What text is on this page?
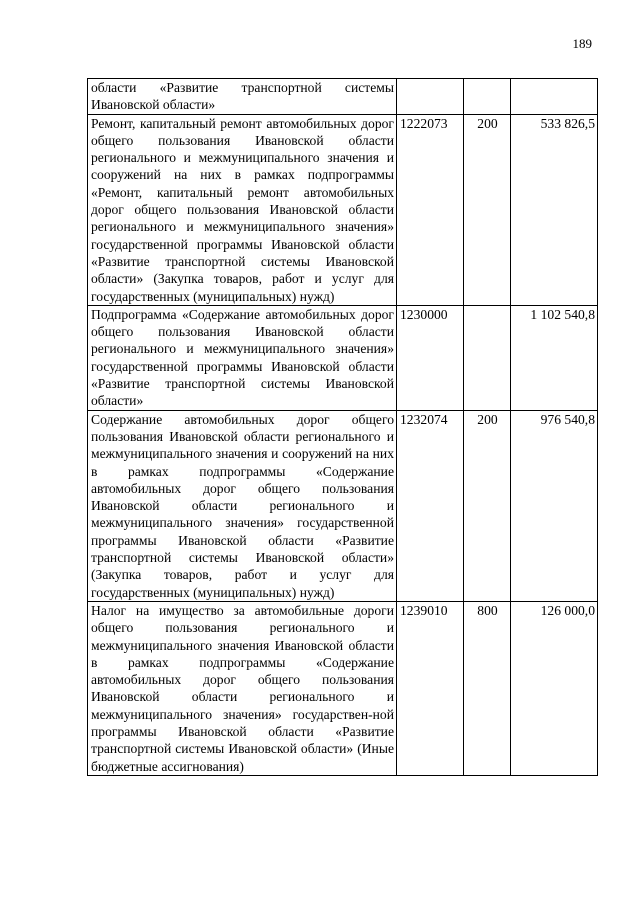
189
области «Развитие транспортной системы Ивановской области»			
Ремонт, капитальный ремонт автомобильных дорог общего пользования Ивановской области регионального и межмуниципального значения и сооружений на них в рамках подпрограммы «Ремонт, капитальный ремонт автомобильных дорог общего пользования Ивановской области регионального и межмуниципального значения» государственной программы Ивановской области «Развитие транспортной системы Ивановской области» (Закупка товаров, работ и услуг для государственных (муниципальных) нужд)	1222073	200	533 826,5
Подпрограмма «Содержание автомобильных дорог общего пользования Ивановской области регионального и межмуниципального значения» государственной программы Ивановской области «Развитие транспортной системы Ивановской области»	1230000		1 102 540,8
Содержание автомобильных дорог общего пользования Ивановской области регионального и межмуниципального значения и сооружений на них в рамках подпрограммы «Содержание автомобильных дорог общего пользования Ивановской области регионального и межмуниципального значения» государственной программы Ивановской области «Развитие транспортной системы Ивановской области» (Закупка товаров, работ и услуг для государственных (муниципальных) нужд)	1232074	200	976 540,8
Налог на имущество за автомобильные дороги общего пользования регионального и межмуниципального значения Ивановской области в рамках подпрограммы «Содержание автомобильных дорог общего пользования Ивановской области регионального и межмуниципального значения» государствен-ной программы Ивановской области «Развитие транспортной системы Ивановской области» (Иные бюджетные ассигнования)	1239010	800	126 000,0
